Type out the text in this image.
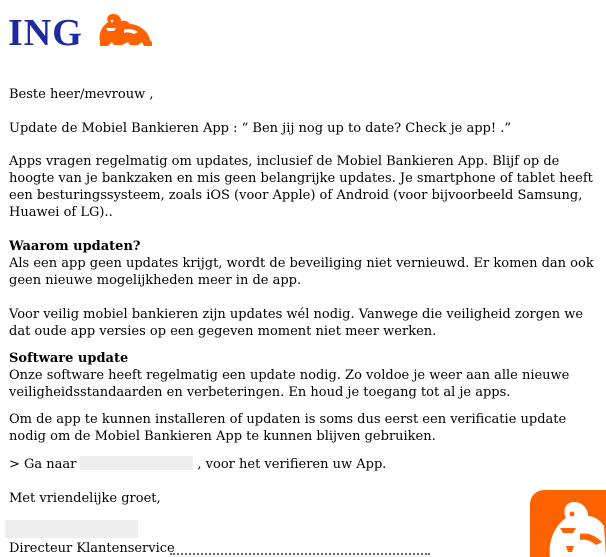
ING

Beste heer/mevrouw ,

Update de Mobiel Bankieren App : “ Ben jij nog up to date? Check je app! .”

Apps vragen regelmatig om updates, inclusief de Mobiel Bankieren App. Blijf op de hoogte van je bankzaken en mis geen belangrijke updates. Je smartphone of tablet heeft een besturingssysteem, zoals iOS (voor Apple) of Android (voor bijvoorbeeld Samsung, Huawei of LG)..

Waarom updaten?

Als een app geen updates krijgt, wordt de beveiliging niet vernieuwd. Er komen dan ook geen nieuwe mogelijkheden meer in de app.

Voor veilig mobiel bankieren zijn updates wél nodig. Vanwege die veiligheid zorgen we dat oude app versies op een gegeven moment niet meer werken.

Software update

Onze software heeft regelmatig een update nodig. Zo voldoe je weer aan alle nieuwe veiligheidsstandaarden en verbeteringen. En houd je toegang tot al je apps.

Om de app te kunnen installeren of updaten is soms dus eerst een verificatie update nodig om de Mobiel Bankieren App te kunnen blijven gebruiken.

> Ga naar	, voor het verifieren uw App.

Met vriendelijke groet,

Directeur Klantenservice
